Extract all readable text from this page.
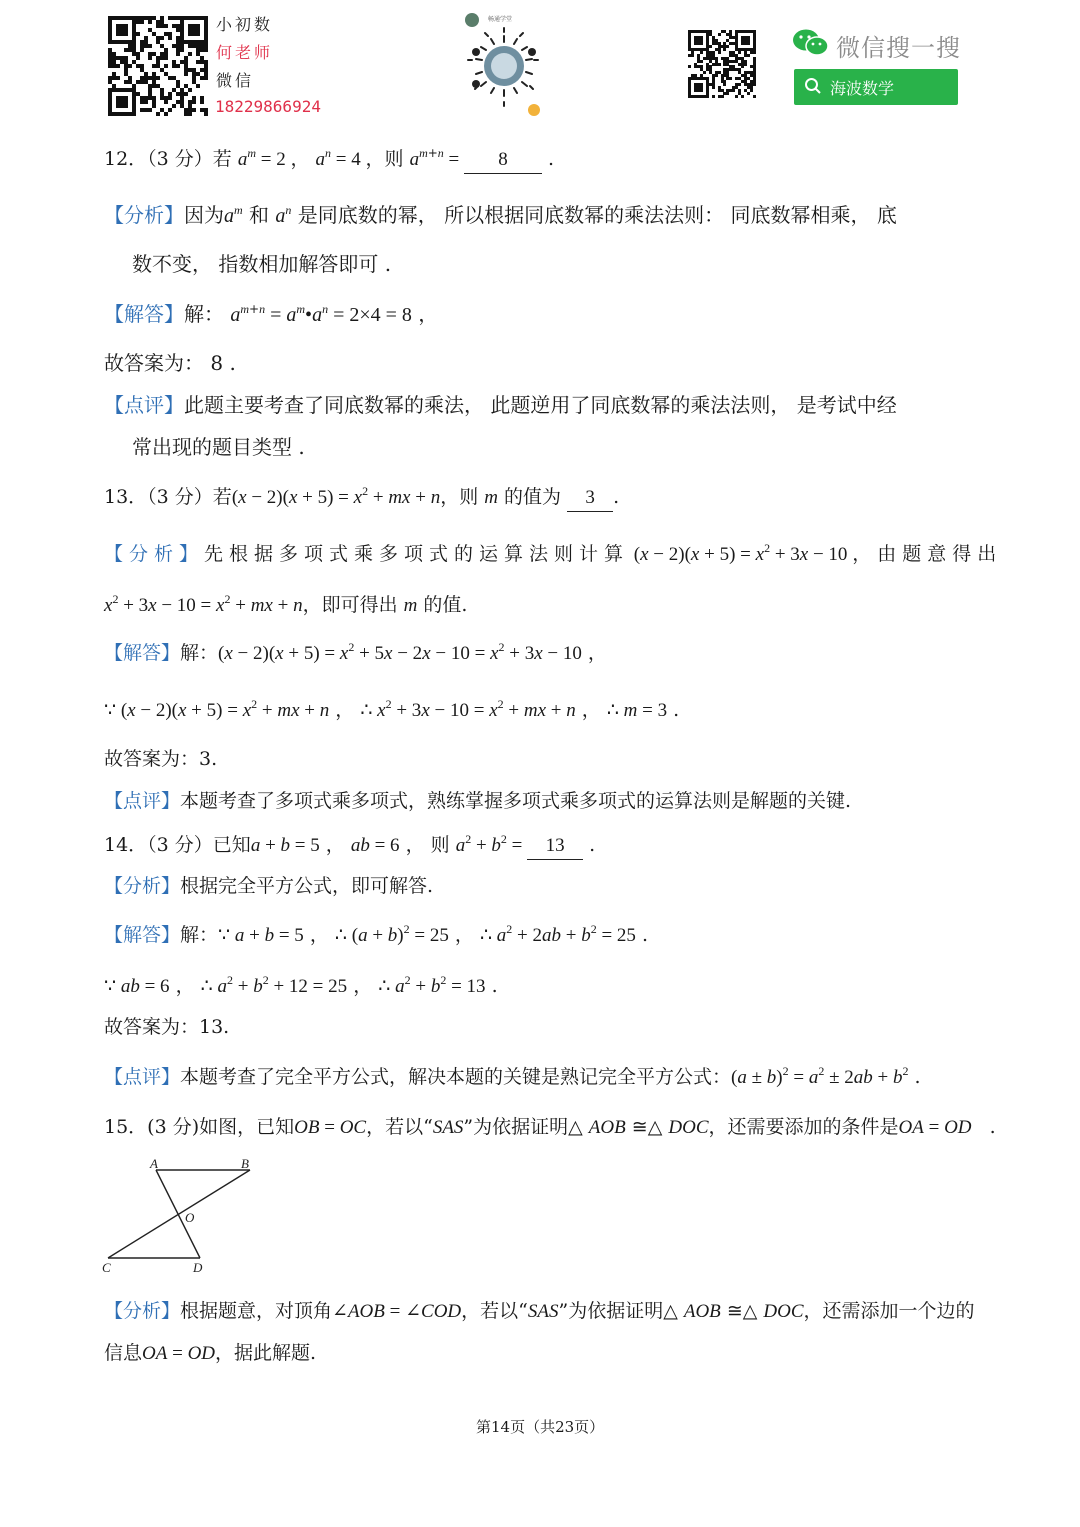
小初数
何老师
微信
18229866924
畅通学堂
微信搜一搜
海波数学
12．（3 分）若 $a^m = 2$ ， $a^n = 4$ ，则 $a^{m+n} = 8$ .
【分析】因为$a^m$ 和 $a^n$ 是同底数的幂， 所以根据同底数幂的乘法法则： 同底数幂相乘， 底
数不变， 指数相加解答即可 .
【解答】解： $a^{m+n}$ = $a^m•a^n = 2\times 4 = 8$ ，
故答案为： 8 .
【点评】此题主要考查了同底数幂的乘法， 此题逆用了同底数幂的乘法法则， 是考试中经
常出现的题目类型 .
13．（3 分）若$(x - 2)(x + 5) = x^2$ + mx + n，则 m 的值为 3 .
【分析】先根据多项式乘多项式的运算法则计算 $(x - 2)(x + 5) = x^2 + 3x - 10$ ，由题意得出
$x^2 + 3x - 10 = x^2$ + mx + n，即可得出 m 的值.
【解答】解：$(x - 2)(x + 5) = x^2 + 5x - 2x - 10 = x^2 + 3x - 10$ ，
∵ $(x - 2)(x + 5) = x^2$ + mx + n ， ∴ $x^2 + 3x - 10 = x^2$ + mx + n ， ∴ m = 3 .
故答案为：3.
【点评】本题考查了多项式乘多项式，熟练掌握多项式乘多项式的运算法则是解题的关键.
14．（3 分）已知a + b = 5 ， ab = 6 ， 则 $a^2 + b^2 = 13$ .
【分析】根据完全平方公式，即可解答.
【解答】解：∵ a + b = 5 ， ∴ $(a + b)^2 = 25$ ， ∴ $a^2 + 2ab + b^2 = 25$ .
∵ ab = 6 ， ∴ $a^2 + b^2 + 12 = 25$ ， ∴ $a^2 + b^2 = 13$ .
故答案为：13.
【点评】本题考查了完全平方公式，解决本题的关键是熟记完全平方公式：$(a \pm b)^2 = a^2 \pm 2ab + b^2$ .
15．(3 分)如图，已知OB = OC，若以“SAS”为依据证明△ AOB ≅△ DOC，还需要添加的条件是OA = OD   .
A	B
O
C	D
【分析】根据题意，对顶角∠AOB = ∠COD，若以“SAS”为依据证明△ AOB ≅△ DOC，还需添加一个边的
信息OA = OD，据此解题.
第14页（共23页）
